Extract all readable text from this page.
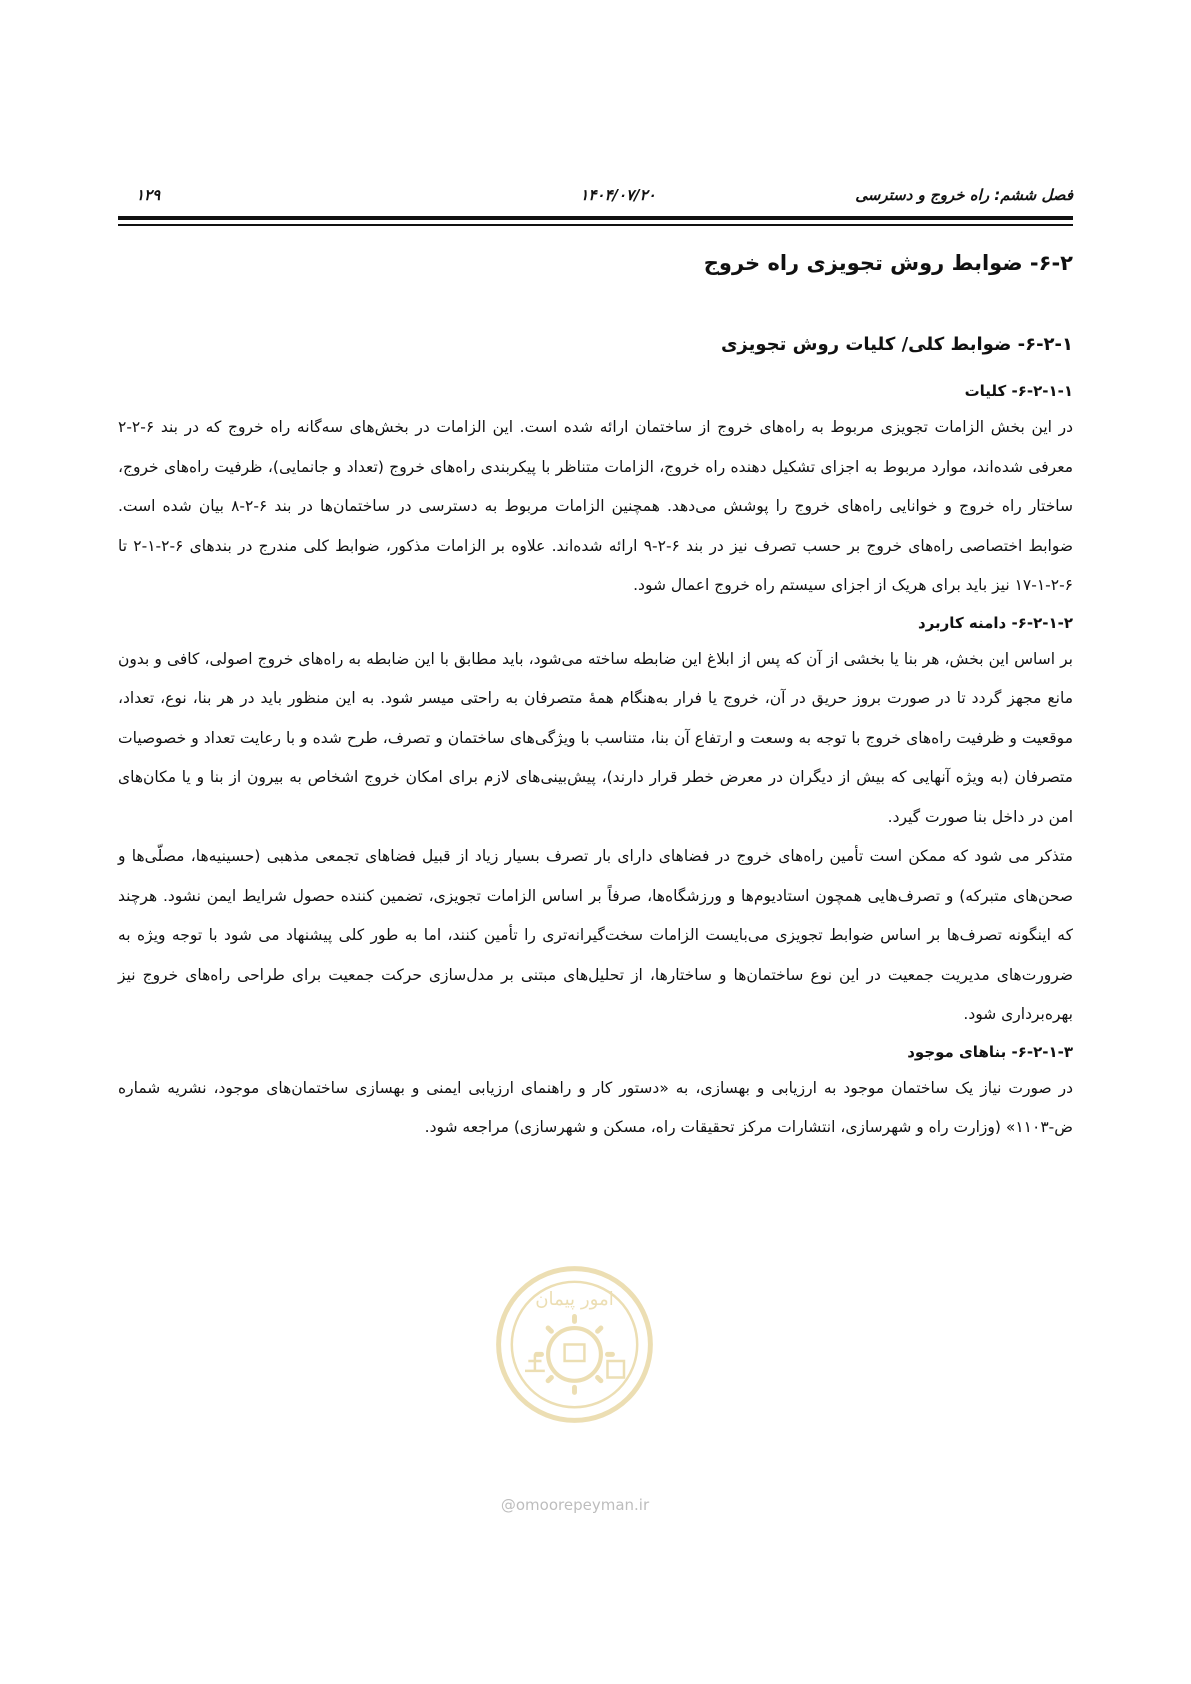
فصل ششم: راه خروج و دسترسی
۱۴۰۴/۰۷/۲۰
۱۲۹
۶-۲- ضوابط روش تجویزی راه خروج
۶-۲-۱- ضوابط کلی/ کلیات روش تجویزی
۶-۲-۱-۱- کلیات

در این بخش الزامات تجویزی مربوط به راه‌های خروج از ساختمان ارائه شده است. این الزامات در بخش‌های سه‌گانه راه خروج که در بند ۶-۲-۲ معرفی شده‌اند، موارد مربوط به اجزای تشکیل دهنده راه خروج، الزامات متناظر با پیکربندی راه‌های خروج (تعداد و جانمایی)، ظرفیت راه‌های خروج، ساختار راه خروج و خوانایی راه‌های خروج را پوشش می‌دهد. همچنین الزامات مربوط به دسترسی در ساختمان‌ها در بند ۶-۲-۸ بیان شده است. ضوابط اختصاصی راه‌های خروج بر حسب تصرف نیز در بند ۶-۲-۹ ارائه شده‌اند. علاوه بر الزامات مذکور، ضوابط کلی مندرج در بندهای ۶-۲-۱-۲ تا ۶-۲-۱-۱۷ نیز باید برای هریک از اجزای سیستم راه خروج اعمال شود.

۶-۲-۱-۲- دامنه کاربرد

بر اساس این بخش، هر بنا یا بخشی از آن که پس از ابلاغ این ضابطه ساخته می‌شود، باید مطابق با این ضابطه به راه‌های خروج اصولی، کافی و بدون مانع مجهز گردد تا در صورت بروز حریق در آن، خروج یا فرار به‌هنگام همهٔ متصرفان به راحتی میسر شود. به این منظور باید در هر بنا، نوع، تعداد، موقعیت و ظرفیت راه‌های خروج با توجه به وسعت و ارتفاع آن بنا، متناسب با ویژگی‌های ساختمان و تصرف، طرح شده و با رعایت تعداد و خصوصیات متصرفان (به ویژه آنهایی که بیش از دیگران در معرض خطر قرار دارند)، پیش‌بینی‌های لازم برای امکان خروج اشخاص به بیرون از بنا و یا مکان‌های امن در داخل بنا صورت گیرد.

متذکر می شود که ممکن است تأمین راه‌های خروج در فضاهای دارای بار تصرف بسیار زیاد از قبیل فضاهای تجمعی مذهبی (حسینیه‌ها، مصلّی‌ها و صحن‌های متبرکه) و تصرف‌هایی همچون استادیوم‌ها و ورزشگاه‌ها، صرفاً بر اساس الزامات تجویزی، تضمین کننده حصول شرایط ایمن نشود. هرچند که اینگونه تصرف‌ها بر اساس ضوابط تجویزی می‌بایست الزامات سخت‌گیرانه‌تری را تأمین کنند، اما به طور کلی پیشنهاد می شود با توجه ویژه به ضرورت‌های مدیریت جمعیت در این نوع ساختمان‌ها و ساختارها، از تحلیل‌های مبتنی بر مدل‌سازی حرکت جمعیت برای طراحی راه‌های خروج نیز بهره‌برداری شود.

۶-۲-۱-۳- بناهای موجود

در صورت نیاز یک ساختمان موجود به ارزیابی و بهسازی، به «دستور کار و راهنمای ارزیابی ایمنی و بهسازی ساختمان‌های موجود، نشریه شماره ض-۱۱۰۳» (وزارت راه و شهرسازی، انتشارات مرکز تحقیقات راه، مسکن و شهرسازی) مراجعه شود.

امور پیمان
@omoorepeyman.ir
